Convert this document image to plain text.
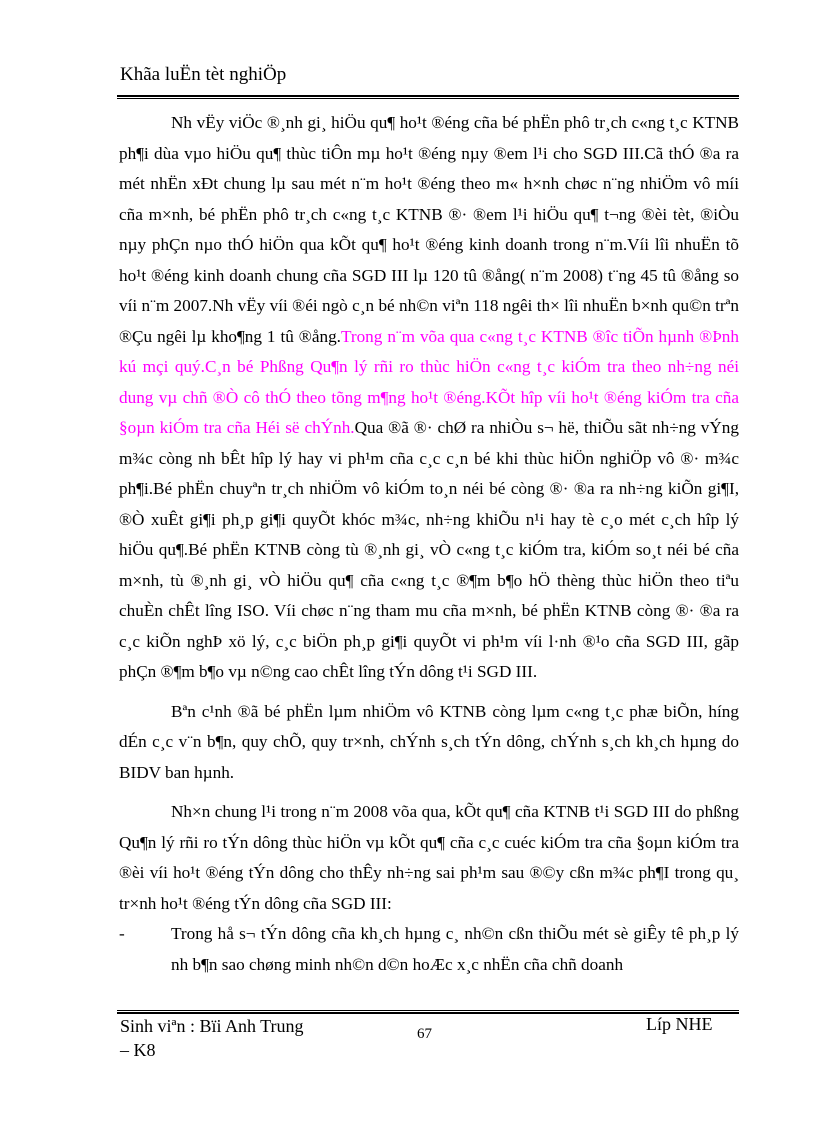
Khãa luËn tèt nghiÖp

Nh vËy viÖc ®¸nh gi¸ hiÖu qu¶ ho¹t ®éng cña bé phËn phô tr¸ch c«ng t¸c KTNB ph¶i dùa vµo hiÖu qu¶ thùc tiÔn mµ ho¹t ®éng nµy ®em l¹i cho SGD III.Cã thÓ ®a ra mét nhËn xÐt chung lµ sau mét n¨m ho¹t ®éng theo m« h×nh chøc n¨ng nhiÖm vô míi cña m×nh, bé phËn phô tr¸ch c«ng t¸c KTNB ®· ®em l¹i hiÖu qu¶ t¬ng ®èi tèt, ®iÒu nµy phÇn nµo thÓ hiÖn qua kÕt qu¶ ho¹t ®éng kinh doanh trong n¨m.Víi lîi nhuËn tõ ho¹t ®éng kinh doanh chung cña SGD III lµ 120 tû ®ång( n¨m 2008) t¨ng 45 tû ®ång so víi n¨m 2007.Nh vËy víi ®éi ngò c¸n bé nh©n viªn 118 ngêi th× lîi nhuËn b×nh qu©n trªn ®Çu ngêi lµ kho¶ng 1 tû ®ång.Trong n¨m võa qua c«ng t¸c KTNB ®îc tiÕn hµnh ®Þnh kú mçi quý.C¸n bé Phßng Qu¶n lý rñi ro thùc hiÖn c«ng t¸c kiÓm tra theo nh÷ng néi dung vµ chñ ®Ò cô thÓ theo tõng m¶ng ho¹t ®éng.KÕt hîp víi ho¹t ®éng kiÓm tra cña §oµn kiÓm tra cña Héi së chÝnh.Qua ®ã ®· chØ ra nhiÒu s¬ hë, thiÕu sãt nh÷ng vÝng m¾c còng nh bÊt hîp lý hay vi ph¹m cña c¸c c¸n bé khi thùc hiÖn nghiÖp vô ®· m¾c ph¶i.Bé phËn chuyªn tr¸ch nhiÖm vô kiÓm to¸n néi bé còng ®· ®a ra nh÷ng kiÕn gi¶I, ®Ò xuÊt gi¶i ph¸p gi¶i quyÕt khóc m¾c, nh÷ng khiÕu n¹i hay tè c¸o mét c¸ch hîp lý hiÖu qu¶.Bé phËn KTNB còng tù ®¸nh gi¸ vÒ c«ng t¸c kiÓm tra, kiÓm so¸t néi bé cña m×nh, tù ®¸nh gi¸ vÒ hiÖu qu¶ cña c«ng t¸c ®¶m b¶o hÖ thèng thùc hiÖn theo tiªu chuÈn chÊt lîng ISO. Víi chøc n¨ng tham mu cña m×nh, bé phËn KTNB còng ®· ®a ra c¸c kiÕn nghÞ xö lý, c¸c biÖn ph¸p gi¶i quyÕt vi ph¹m víi l·nh ®¹o cña SGD III, gãp phÇn ®¶m b¶o vµ n©ng cao chÊt lîng tÝn dông t¹i SGD III.

Bªn c¹nh ®ã bé phËn lµm nhiÖm vô KTNB còng lµm c«ng t¸c phæ biÕn, híng dÉn c¸c v¨n b¶n, quy chÕ, quy tr×nh, chÝnh s¸ch tÝn dông, chÝnh s¸ch kh¸ch hµng do BIDV ban hµnh.

Nh×n chung l¹i trong n¨m 2008 võa qua, kÕt qu¶ cña KTNB t¹i SGD III do phßng Qu¶n lý rñi ro tÝn dông thùc hiÖn vµ kÕt qu¶ cña c¸c cuéc kiÓm tra cña §oµn kiÓm tra ®èi víi ho¹t ®éng tÝn dông cho thÊy nh÷ng sai ph¹m sau ®©y cßn m¾c ph¶I trong qu¸ tr×nh ho¹t ®éng tÝn dông cña SGD III:

-	Trong hå s¬ tÝn dông cña kh¸ch hµng c¸ nh©n cßn thiÕu mét sè giÊy tê ph¸p lý nh b¶n sao chøng minh nh©n d©n hoÆc x¸c nhËn cña chñ doanh
Sinh viªn : Bïi Anh Trung
– K8
67	Líp NHE
